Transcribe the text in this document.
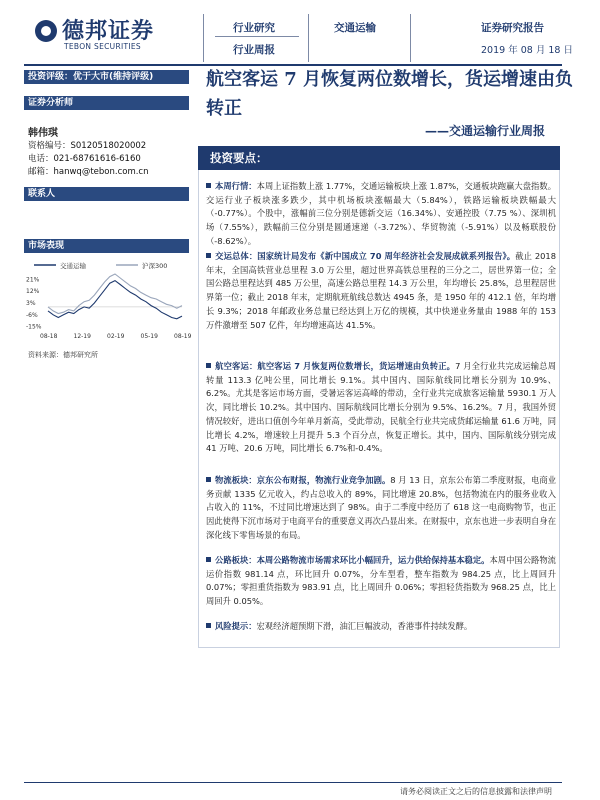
德邦证券
TEBON SECURITIES
行业研究
行业周报
交通运输	证券研究报告
2019 年 08 月 18 日
投资评级：优于大市(维持评级)
证券分析师
韩伟琪
资格编号：S0120518020002
电话：021-68761616-6160
邮箱：hanwq@tebon.com.cn
联系人
市场表现
交通运输	沪深300
21%
12%
3%
-6%
-15%
08-18	12-19	02-19	05-19	08-19
资料来源：德邦研究所
航空客运 7 月恢复两位数增长，货运增速由负转正
——交通运输行业周报
投资要点：
本周行情：本周上证指数上涨 1.77%，交通运输板块上涨 1.87%，交通板块跑赢大盘指数。交运行业子板块涨多跌少，其中机场板块涨幅最大（5.84%），铁路运输板块跌幅最大（-0.77%）。个股中，涨幅前三位分别是德新交运（16.34%）、安通控股（7.75 %）、深圳机场（7.55%），跌幅前三位分别是圆通速递（-3.72%）、华贸物流（-5.91%）以及畅联股份（-8.62%）。
交运总体：国家统计局发布《新中国成立 70 周年经济社会发展成就系列报告》。截止 2018 年末，全国高铁营业总里程 3.0 万公里，超过世界高铁总里程的三分之二，居世界第一位；全国公路总里程达到 485 万公里，高速公路总里程 14.3 万公里，年均增长 25.8%，总里程居世界第一位；截止 2018 年末，定期航班航线总数达 4945 条，是 1950 年的 412.1 倍，年均增长 9.3%；2018 年邮政业务总量已经达到上万亿的规模，其中快递业务量由 1988 年的 153 万件激增至 507 亿件，年均增速高达 41.5%。
航空客运：航空客运 7 月恢复两位数增长，货运增速由负转正。7 月全行业共完成运输总周转量 113.3 亿吨公里，同比增长 9.1%。其中国内、国际航线同比增长分别为 10.9%、6.2%。尤其是客运市场方面，受暑运客运高峰的带动，全行业共完成旅客运输量 5930.1 万人次，同比增长 10.2%。其中国内、国际航线同比增长分别为 9.5%、16.2%。7 月，我国外贸情况较好，进出口值创今年单月新高，受此带动，民航全行业共完成货邮运输量 61.6 万吨，同比增长 4.2%，增速较上月提升 5.3 个百分点，恢复正增长。其中，国内、国际航线分别完成 41 万吨、20.6 万吨，同比增长 6.7%和-0.4%。
物流板块：京东公布财报，物流行业竞争加剧。8 月 13 日，京东公布第二季度财报，电商业务贡献 1335 亿元收入，约占总收入的 89%，同比增速 20.8%，包括物流在内的服务业收入占收入的 11%，不过同比增速达到了 98%。由于二季度中经历了 618 这一电商购物节，也正因此使得下沉市场对于电商平台的重要意义再次凸显出来。在财报中，京东也进一步表明自身在深化线下零售场景的布局。
公路板块：本周公路物流市场需求环比小幅回升，运力供给保持基本稳定。本周中国公路物流运价指数 981.14 点，环比回升 0.07%，分车型看，整车指数为 984.25 点，比上周回升 0.07%；零担重货指数为 983.91 点，比上周回升 0.06%；零担轻货指数为 968.25 点，比上周回升 0.05%。
风险提示：宏观经济超预期下滑，油汇巨幅波动，香港事件持续发酵。
请务必阅读正文之后的信息披露和法律声明
